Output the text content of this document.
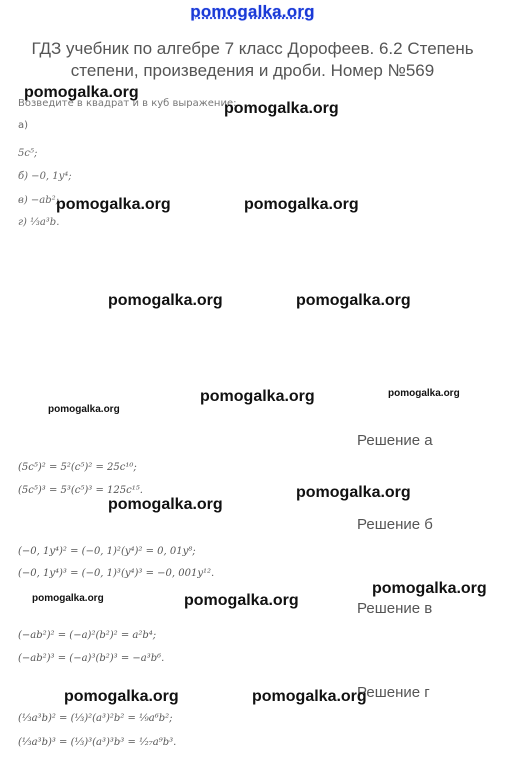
pomogalka.org
ГДЗ учебник по алгебре 7 класс Дорофеев. 6.2 Степень степени, произведения и дроби. Номер №569
Возведите в квадрат и в куб выражение:
а)
5c⁵;
б) −0, 1y⁴;
в) −ab²;
г) ⅓a³b.
Решение а
(5c⁵)² = 5²(c⁵)² = 25c¹⁰;
(5c⁵)³ = 5³(c⁵)³ = 125c¹⁵.
Решение б
(−0, 1y⁴)² = (−0, 1)²(y⁴)² = 0, 01y⁸;
(−0, 1y⁴)³ = (−0, 1)³(y⁴)³ = −0, 001y¹².
Решение в
(−ab²)² = (−a)²(b²)² = a²b⁴;
(−ab²)³ = (−a)³(b²)³ = −a³b⁶.
Решение г
(⅓a³b)² = (⅓)²(a³)²b² = ⅑a⁶b²;
(⅓a³b)³ = (⅓)³(a³)³b³ = ¹⁄₂₇a⁹b³.
pomogalka.org
pomogalka.org
pomogalka.org	pomogalka.org
pomogalka.org	pomogalka.org
pomogalka.org
pomogalka.org	pomogalka.org
pomogalka.org
pomogalka.org
pomogalka.org
pomogalka.org	pomogalka.org
pomogalka.org	pomogalka.org
